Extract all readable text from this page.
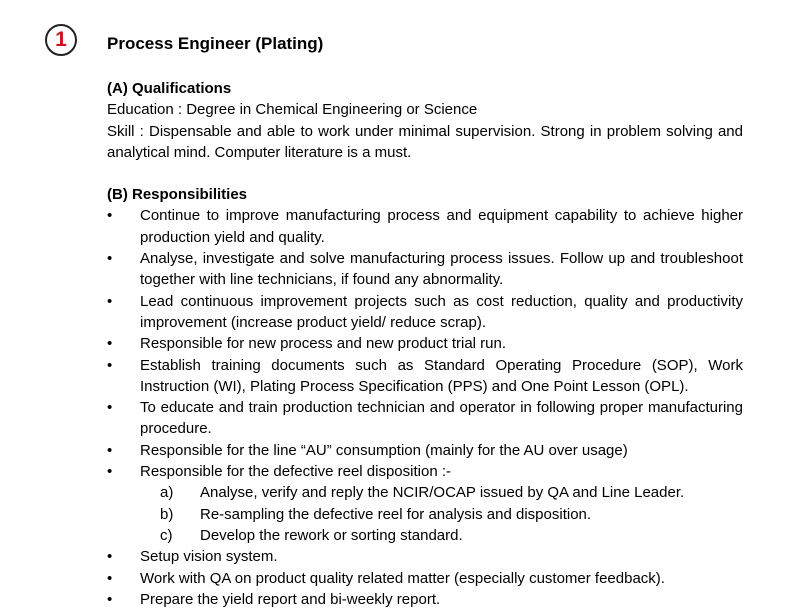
1	Process Engineer (Plating)
(A) Qualifications
Education : Degree in Chemical Engineering or Science
Skill : Dispensable and able to work under minimal supervision. Strong in problem solving and analytical mind. Computer literature is a must.
(B) Responsibilities
• Continue to improve manufacturing process and equipment capability to achieve higher production yield and quality.
• Analyse, investigate and solve manufacturing process issues. Follow up and troubleshoot together with line technicians, if found any abnormality.
• Lead continuous improvement projects such as cost reduction, quality and productivity improvement (increase product yield/ reduce scrap).
• Responsible for new process and new product trial run.
• Establish training documents such as Standard Operating Procedure (SOP), Work Instruction (WI), Plating Process Specification (PPS) and One Point Lesson (OPL).
• To educate and train production technician and operator in following proper manufacturing procedure.
• Responsible for the line “AU” consumption (mainly for the AU over usage)
• Responsible for the defective reel disposition :-
a) Analyse, verify and reply the NCIR/OCAP issued by QA and Line Leader.
b) Re-sampling the defective reel for analysis and disposition.
c) Develop the rework or sorting standard.
• Setup vision system.
• Work with QA on product quality related matter (especially customer feedback).
• Prepare the yield report and bi-weekly report.
